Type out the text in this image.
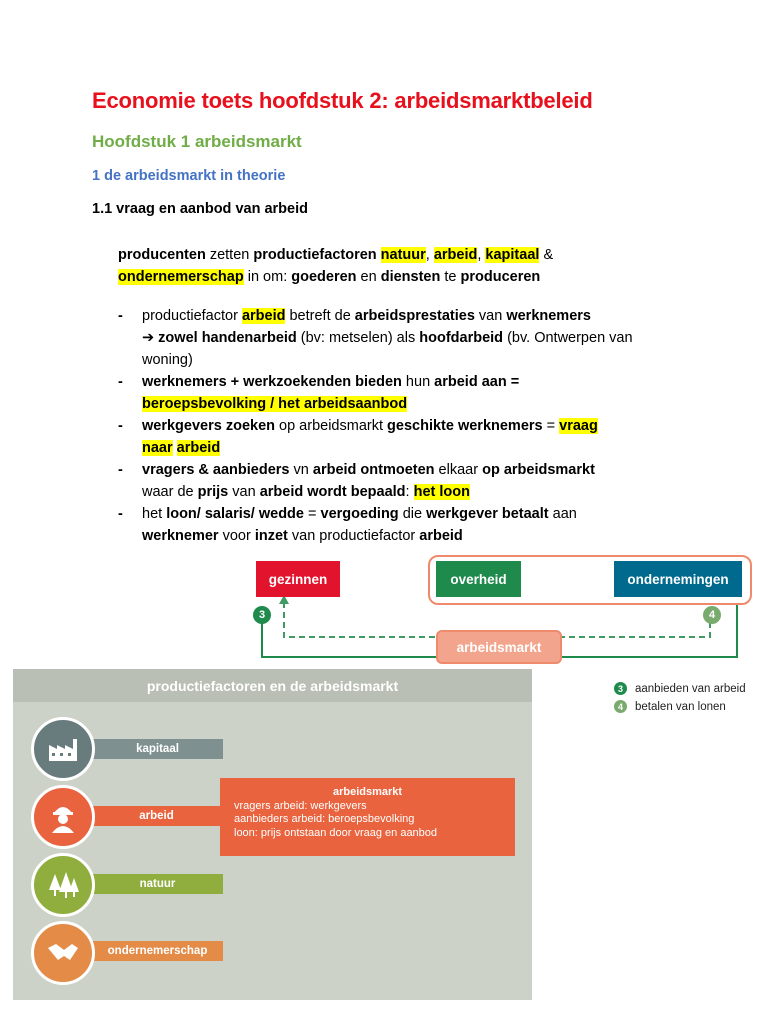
Economie toets hoofdstuk 2: arbeidsmarktbeleid
Hoofdstuk 1 arbeidsmarkt
1 de arbeidsmarkt in theorie
1.1 vraag en aanbod van arbeid
producenten zetten productiefactoren natuur, arbeid, kapitaal &
ondernemerschap in om: goederen en diensten te produceren
- productiefactor arbeid betreft de arbeidsprestaties van werknemers
➔ zowel handenarbeid (bv: metselen) als hoofdarbeid (bv. Ontwerpen van woning)
- werknemers + werkzoekenden bieden hun arbeid aan =
beroepsbevolking / het arbeidsaanbod
- werkgevers zoeken op arbeidsmarkt geschikte werknemers = vraag
naar arbeid
- vragers & aanbieders vn arbeid ontmoeten elkaar op arbeidsmarkt
waar de prijs van arbeid wordt bepaald: het loon
- het loon/ salaris/ wedde = vergoeding die werkgever betaalt aan
werknemer voor inzet van productiefactor arbeid
gezinnen	overheid	ondernemingen
arbeidsmarkt
3	4
3	aanbieden van arbeid
4	betalen van lonen
productiefactoren en de arbeidsmarkt
kapitaal
arbeid
natuur
ondernemerschap
arbeidsmarkt
vragers arbeid: werkgevers
aanbieders arbeid: beroepsbevolking
loon: prijs ontstaan door vraag en aanbod
